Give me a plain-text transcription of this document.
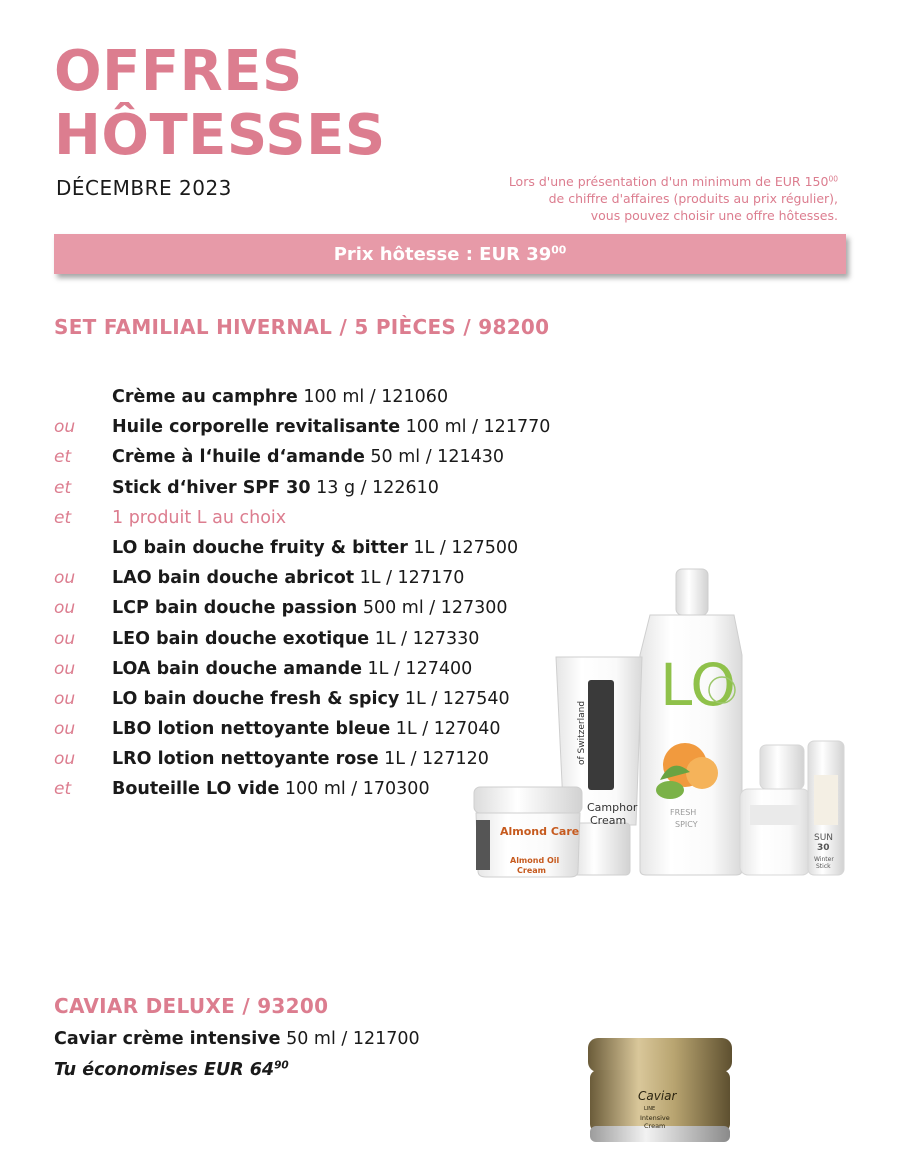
OFFRES
HÔTESSES
DÉCEMBRE 2023	Lors d'une présentation d'un minimum de EUR $150^{00}$
de chiffre d'affaires (produits au prix régulier),
vous pouvez choisir une offre hôtesses.
Prix hôtesse : EUR $39^{00}$
SET FAMILIAL HIVERNAL / 5 PIÈCES / 98200
Crème au camphre 100 ml / 121060
ou Huile corporelle revitalisante 100 ml / 121770
et Crème à l‘huile d‘amande 50 ml / 121430
et Stick d‘hiver SPF 30 13 g / 122610
et 1 produit L au choix
LO bain douche fruity & bitter 1L / 127500
ou LAO bain douche abricot 1L / 127170
ou LCP bain douche passion 500 ml / 127300
ou LEO bain douche exotique 1L / 127330
ou LOA bain douche amande 1L / 127400
ou LO bain douche fresh & spicy 1L / 127540
ou LBO lotion nettoyante bleue 1L / 127040
ou LRO lotion nettoyante rose 1L / 127120
et Bouteille LO vide 100 ml / 170300
LO
FRESH
SPICY
of Switzerland
Camphor
Cream
Almond Care
Almond Oil
Cream
SUN
30
Winter
Stick
CAVIAR DELUXE / 93200
Caviar crème intensive 50 ml / 121700
Tu économises EUR $64^{90}$
Caviar
LINE
Intensive
Cream
